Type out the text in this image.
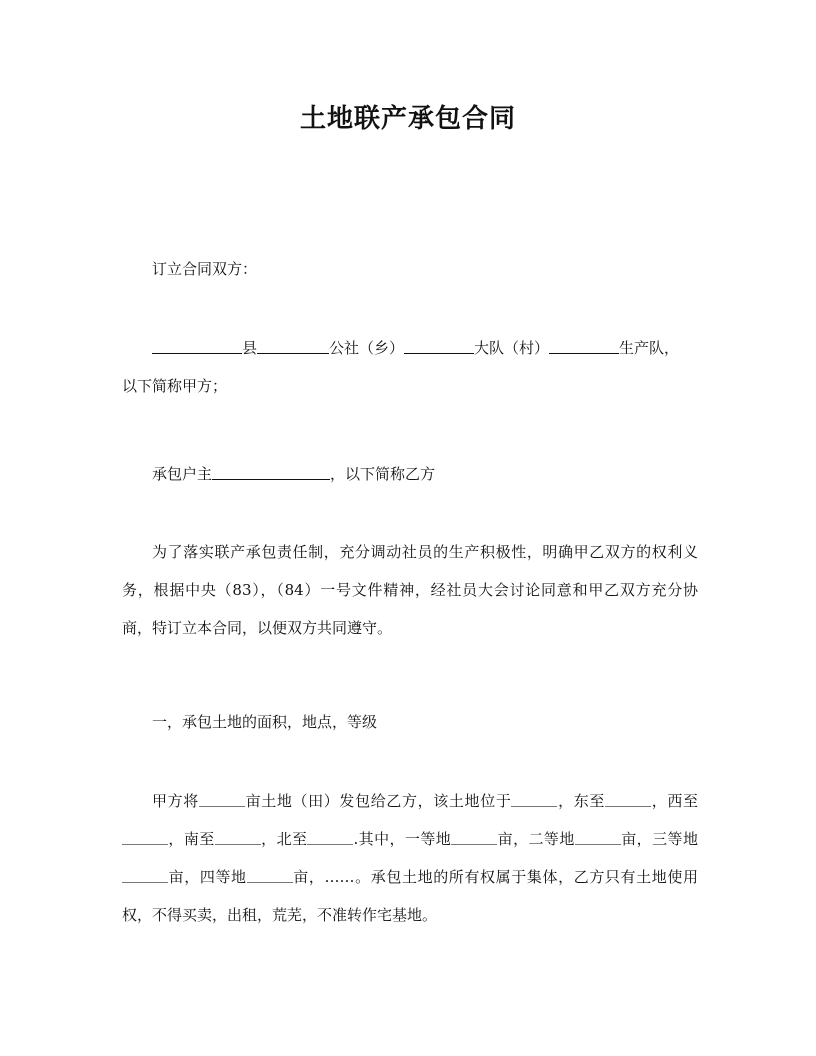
土地联产承包合同
订立合同双方：
县	公社（乡）	大队（村）	生产队，
以下简称甲方；
承包户主	，以下简称乙方
为了落实联产承包责任制，充分调动社员的生产积极性，明确甲乙双方的权利义务，根据中央（83），（84）一号文件精神，经社员大会讨论同意和甲乙双方充分协商，特订立本合同，以便双方共同遵守。
一，承包土地的面积，地点，等级
甲方将	亩土地（田）发包给乙方，该土地位于	，东至	，西至，南至	，北至	.其中，一等地	亩，二等地	亩，三等地亩，四等地	亩，……。承包土地的所有权属于集体，乙方只有土地使用权，不得买卖，出租，荒芜，不准转作宅基地。
